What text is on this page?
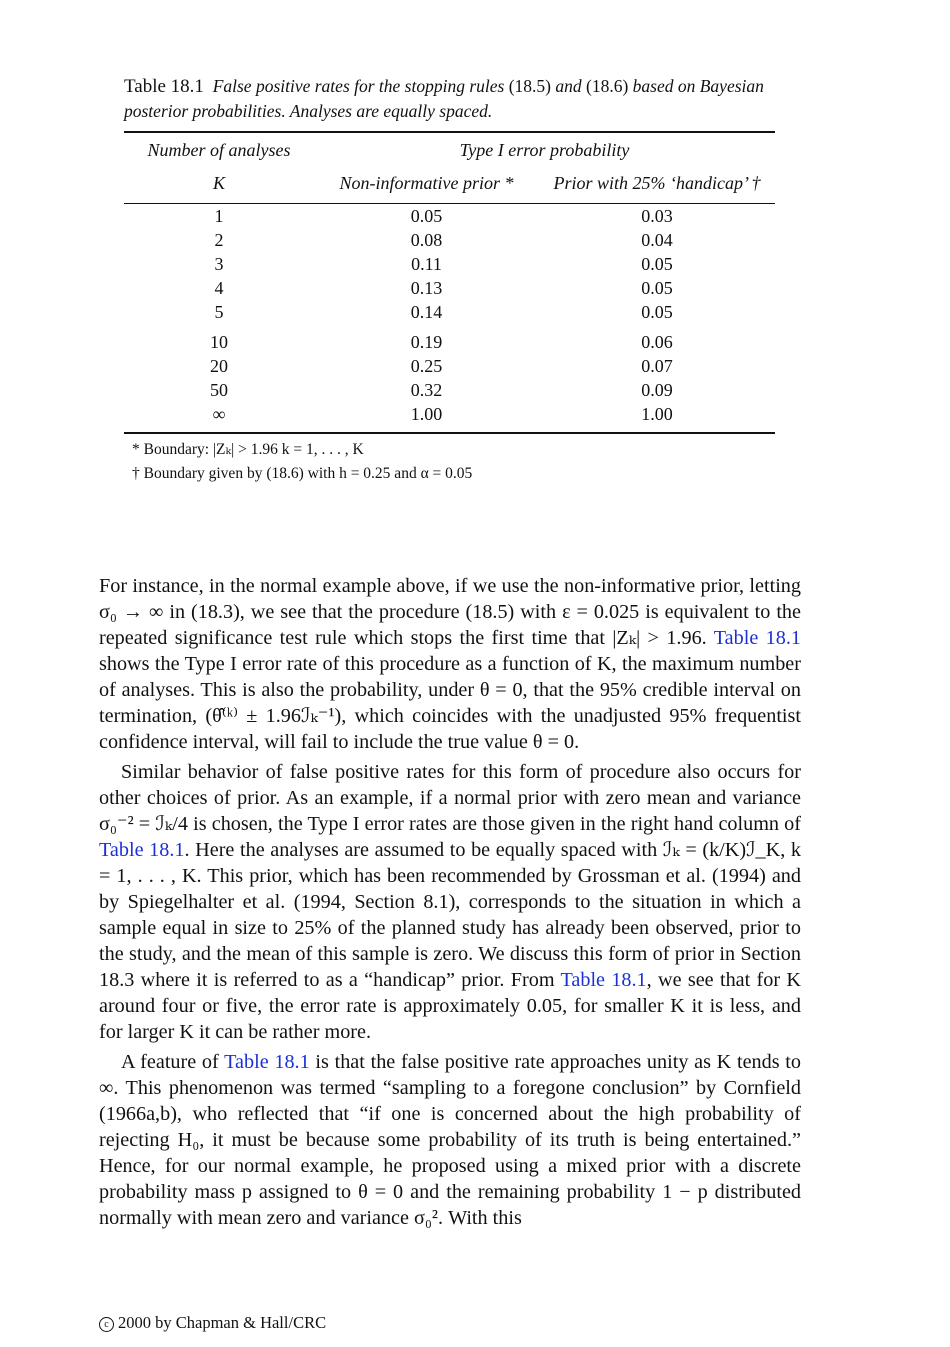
Table 18.1 False positive rates for the stopping rules (18.5) and (18.6) based on Bayesian posterior probabilities. Analyses are equally spaced.

Number of analyses	Type I error probability	
K	Non-informative prior *	Prior with 25% ‘handicap’ †
1	0.05	0.03
2	0.08	0.04
3	0.11	0.05
4	0.13	0.05
5	0.14	0.05

10	0.19	0.06
20	0.25	0.07
50	0.32	0.09
∞	1.00	1.00
* Boundary: |Zₖ| > 1.96 k = 1, . . . , K
† Boundary given by (18.6) with h = 0.25 and α = 0.05

For instance, in the normal example above, if we use the non-informative prior, letting σ₀ → ∞ in (18.3), we see that the procedure (18.5) with ε = 0.025 is equivalent to the repeated significance test rule which stops the first time that |Zₖ| > 1.96. Table 18.1 shows the Type I error rate of this procedure as a function of K, the maximum number of analyses. This is also the probability, under θ = 0, that the 95% credible interval on termination, (θ̂⁽ᵏ⁾ ± 1.96ℐₖ⁻¹), which coincides with the unadjusted 95% frequentist confidence interval, will fail to include the true value θ = 0.

Similar behavior of false positive rates for this form of procedure also occurs for other choices of prior. As an example, if a normal prior with zero mean and variance σ₀⁻² = ℐₖ/4 is chosen, the Type I error rates are those given in the right hand column of Table 18.1. Here the analyses are assumed to be equally spaced with ℐₖ = (k/K)ℐ_K, k = 1, . . . , K. This prior, which has been recommended by Grossman et al. (1994) and by Spiegelhalter et al. (1994, Section 8.1), corresponds to the situation in which a sample equal in size to 25% of the planned study has already been observed, prior to the study, and the mean of this sample is zero. We discuss this form of prior in Section 18.3 where it is referred to as a “handicap” prior. From Table 18.1, we see that for K around four or five, the error rate is approximately 0.05, for smaller K it is less, and for larger K it can be rather more.

A feature of Table 18.1 is that the false positive rate approaches unity as K tends to ∞. This phenomenon was termed “sampling to a foregone conclusion” by Cornfield (1966a,b), who reflected that “if one is concerned about the high probability of rejecting H₀, it must be because some probability of its truth is being entertained.” Hence, for our normal example, he proposed using a mixed prior with a discrete probability mass p assigned to θ = 0 and the remaining probability 1 − p distributed normally with mean zero and variance σ₀². With this

c 2000 by Chapman & Hall/CRC
